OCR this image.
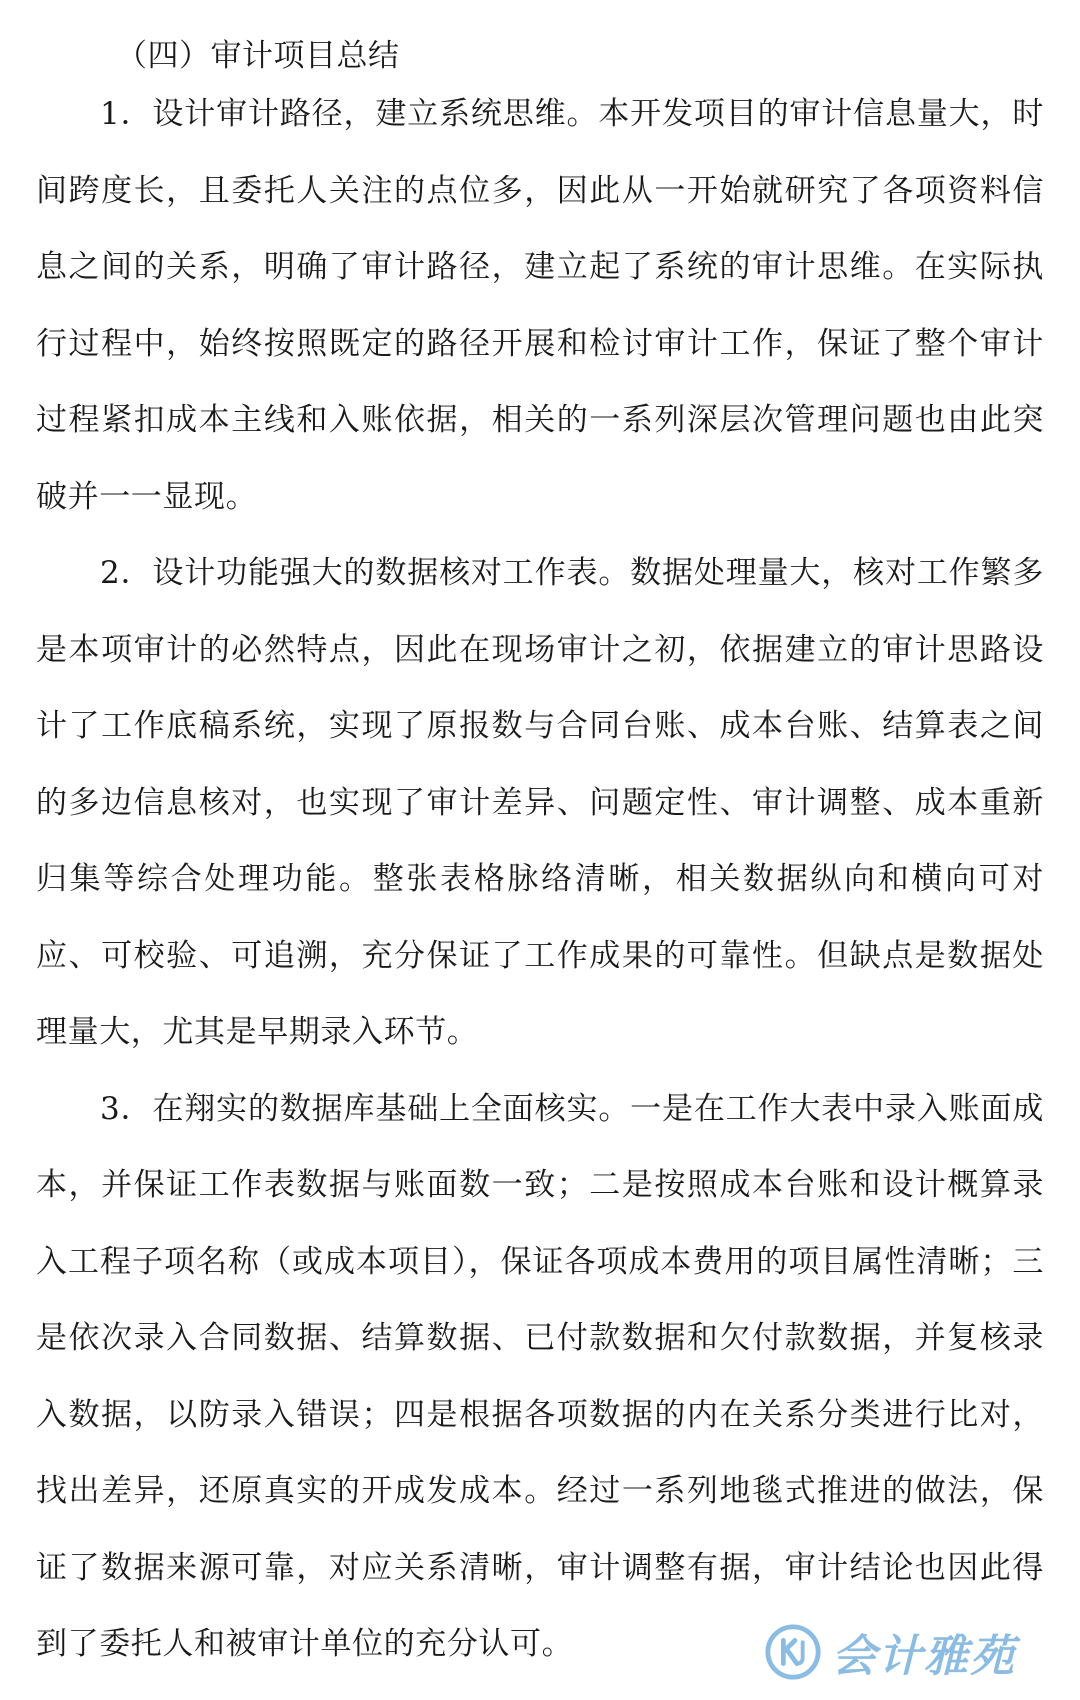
（四）审计项目总结

1．设计审计路径，建立系统思维。本开发项目的审计信息量大，时间跨度长，且委托人关注的点位多，因此从一开始就研究了各项资料信息之间的关系，明确了审计路径，建立起了系统的审计思维。在实际执行过程中，始终按照既定的路径开展和检讨审计工作，保证了整个审计过程紧扣成本主线和入账依据，相关的一系列深层次管理问题也由此突破并一一显现。

2．设计功能强大的数据核对工作表。数据处理量大，核对工作繁多是本项审计的必然特点，因此在现场审计之初，依据建立的审计思路设计了工作底稿系统，实现了原报数与合同台账、成本台账、结算表之间的多边信息核对，也实现了审计差异、问题定性、审计调整、成本重新归集等综合处理功能。整张表格脉络清晰，相关数据纵向和横向可对应、可校验、可追溯，充分保证了工作成果的可靠性。但缺点是数据处理量大，尤其是早期录入环节。

3．在翔实的数据库基础上全面核实。一是在工作大表中录入账面成本，并保证工作表数据与账面数一致；二是按照成本台账和设计概算录入工程子项名称（或成本项目），保证各项成本费用的项目属性清晰；三是依次录入合同数据、结算数据、已付款数据和欠付款数据，并复核录入数据，以防录入错误；四是根据各项数据的内在关系分类进行比对，找出差异，还原真实的开成发成本。经过一系列地毯式推进的做法，保证了数据来源可靠，对应关系清晰，审计调整有据，审计结论也因此得到了委托人和被审计单位的充分认可。	会计雅苑
